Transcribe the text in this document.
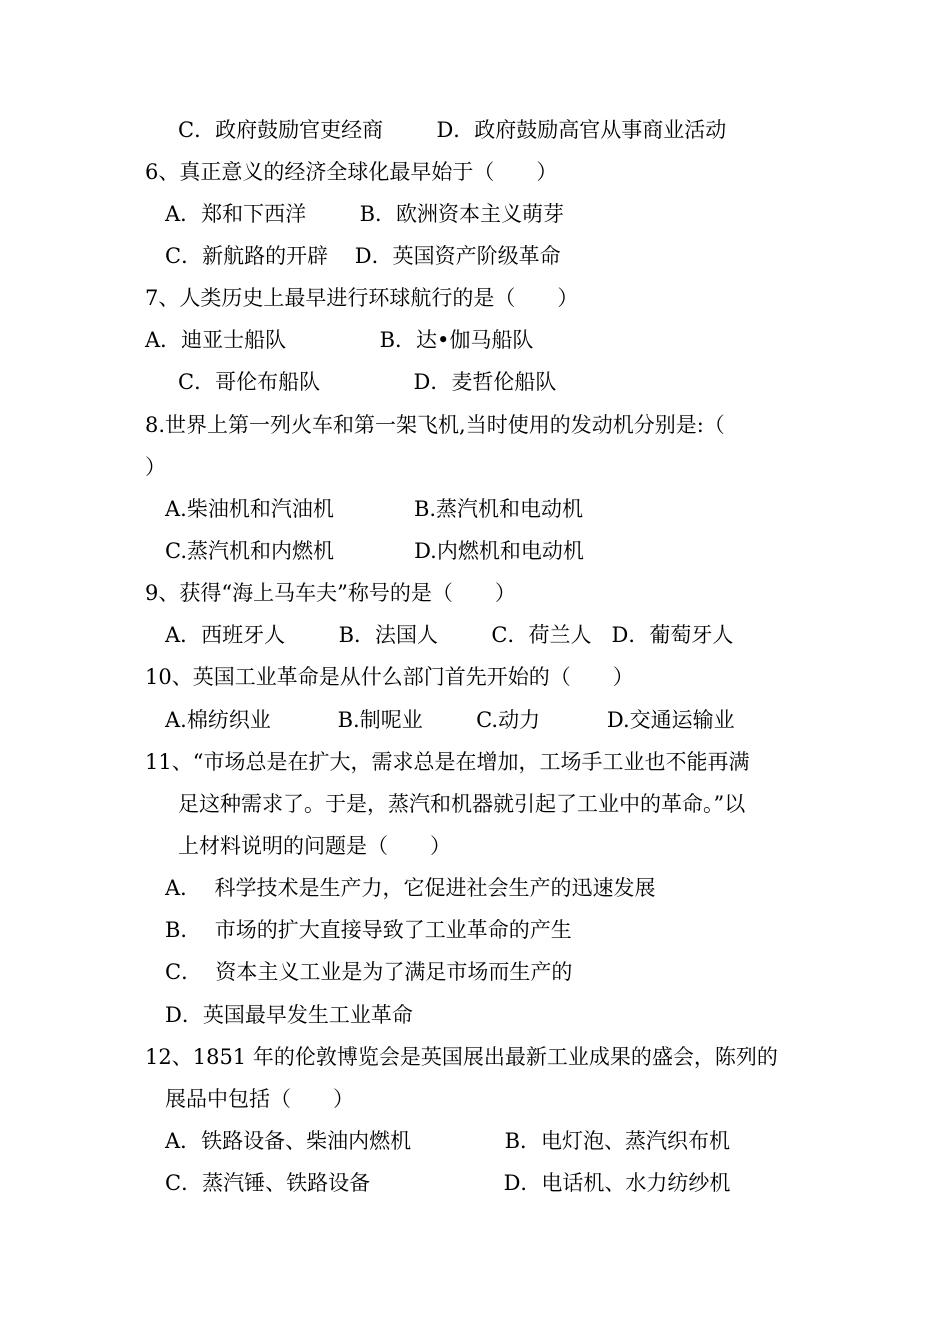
C．政府鼓励官吏经商        D．政府鼓励高官从事商业活动
6、真正意义的经济全球化最早始于（　　）
A．郑和下西洋        B．欧洲资本主义萌芽
C．新航路的开辟    D．英国资产阶级革命
7、人类历史上最早进行环球航行的是（　　）
A．迪亚士船队              B．达•伽马船队
C．哥伦布船队              D．麦哲伦船队
8.世界上第一列火车和第一架飞机,当时使用的发动机分别是:（
）
A.柴油机和汽油机            B.蒸汽机和电动机
C.蒸汽机和内燃机            D.内燃机和电动机
9、获得“海上马车夫”称号的是（　　）
A．西班牙人        B．法国人        C．荷兰人   D．葡萄牙人
10、英国工业革命是从什么部门首先开始的（　　）
A.棉纺织业          B.制呢业        C.动力          D.交通运输业
11、“市场总是在扩大，需求总是在增加，工场手工业也不能再满
足这种需求了。于是，蒸汽和机器就引起了工业中的革命。”以
上材料说明的问题是（　　）
A．  科学技术是生产力，它促进社会生产的迅速发展
B．  市场的扩大直接导致了工业革命的产生
C．  资本主义工业是为了满足市场而生产的
D．英国最早发生工业革命
12、1851 年的伦敦博览会是英国展出最新工业成果的盛会，陈列的
展品中包括（　　）
A．铁路设备、柴油内燃机              B．电灯泡、蒸汽织布机
C．蒸汽锤、铁路设备                    D．电话机、水力纺纱机
